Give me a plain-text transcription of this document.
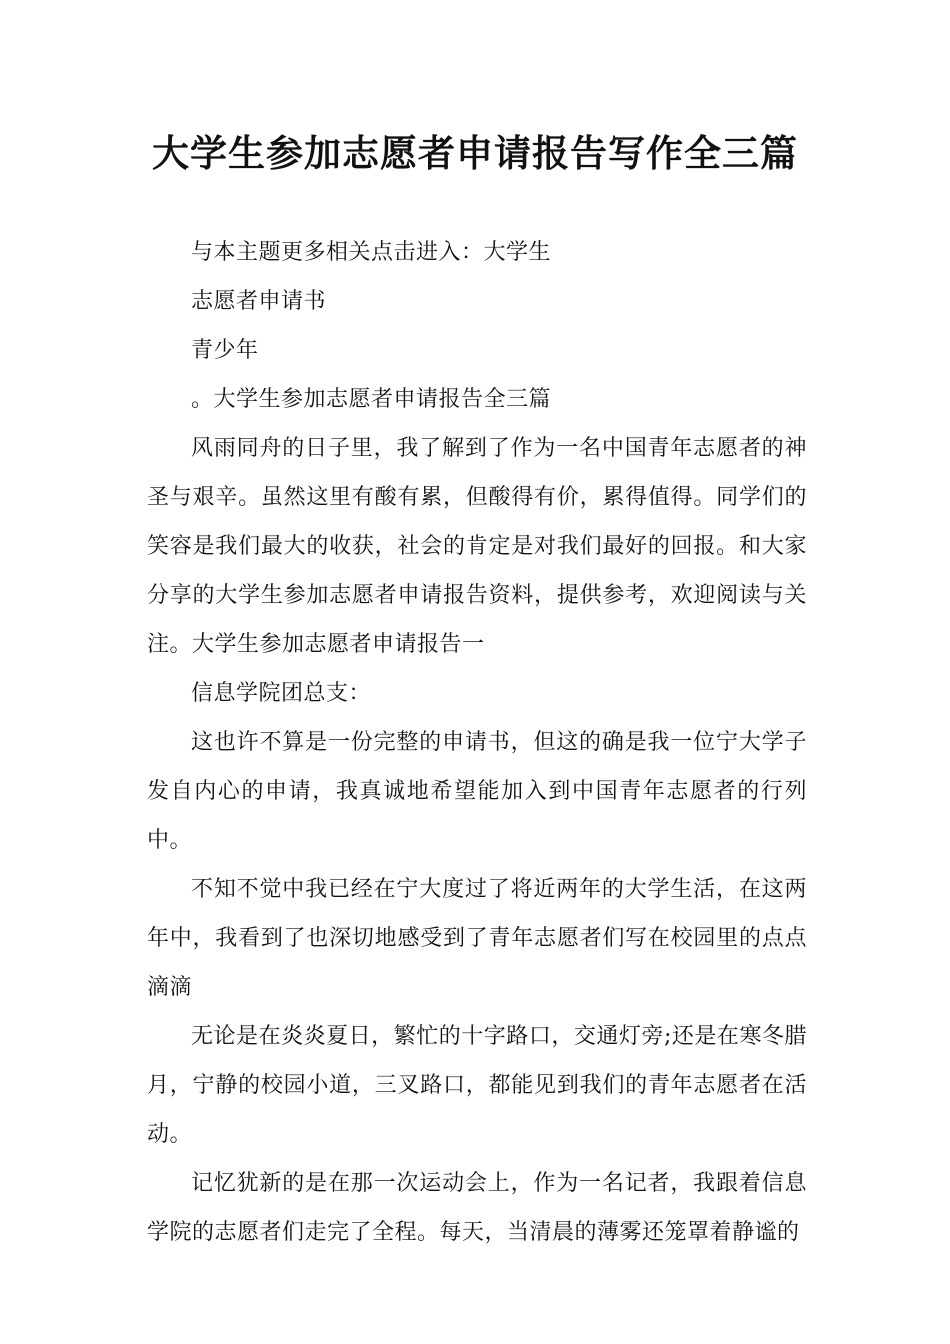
大学生参加志愿者申请报告写作全三篇

与本主题更多相关点击进入：大学生

志愿者申请书

青少年

。大学生参加志愿者申请报告全三篇

风雨同舟的日子里，我了解到了作为一名中国青年志愿者的神圣与艰辛。虽然这里有酸有累，但酸得有价，累得值得。同学们的笑容是我们最大的收获，社会的肯定是对我们最好的回报。和大家分享的大学生参加志愿者申请报告资料，提供参考，欢迎阅读与关注。大学生参加志愿者申请报告一

信息学院团总支：

这也许不算是一份完整的申请书，但这的确是我一位宁大学子发自内心的申请，我真诚地希望能加入到中国青年志愿者的行列中。

不知不觉中我已经在宁大度过了将近两年的大学生活，在这两年中，我看到了也深切地感受到了青年志愿者们写在校园里的点点滴滴

无论是在炎炎夏日，繁忙的十字路口，交通灯旁;还是在寒冬腊月，宁静的校园小道，三叉路口，都能见到我们的青年志愿者在活动。

记忆犹新的是在那一次运动会上，作为一名记者，我跟着信息学院的志愿者们走完了全程。每天，当清晨的薄雾还笼罩着静谧的
